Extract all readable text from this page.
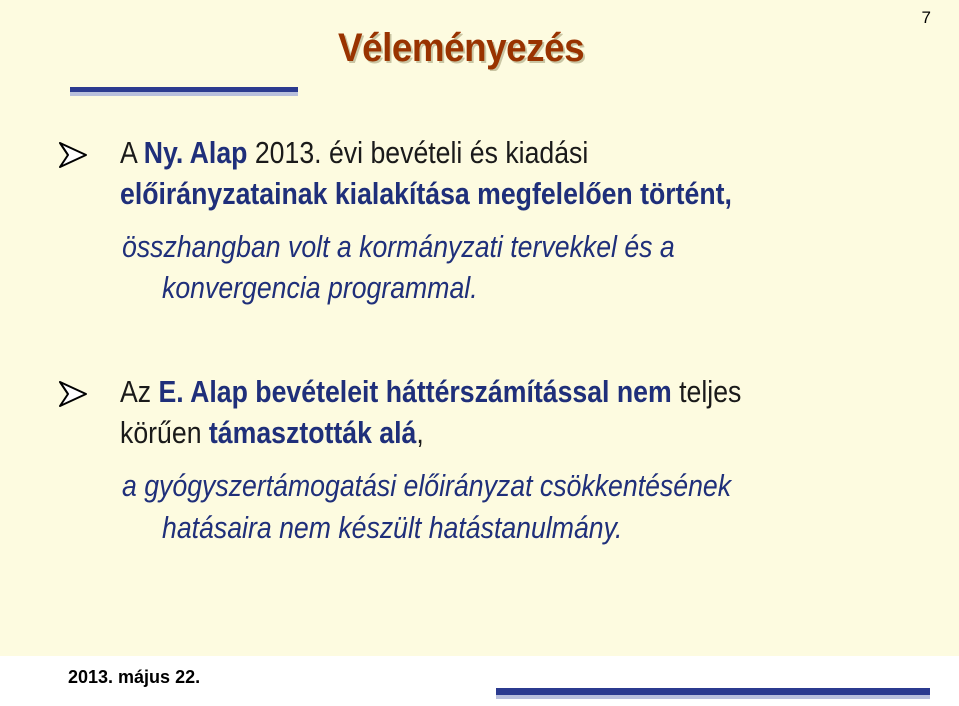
7
Véleményezés

A Ny. Alap 2013. évi bevételi és kiadási

előirányzatainak kialakítása megfelelően történt,

összhangban volt a kormányzati tervekkel és a

konvergencia programmal.

Az E. Alap bevételeit háttérszámítással nem teljes

körűen támasztották alá,

a gyógyszertámogatási előirányzat csökkentésének

hatásaira nem készült hatástanulmány.

2013. május 22.
